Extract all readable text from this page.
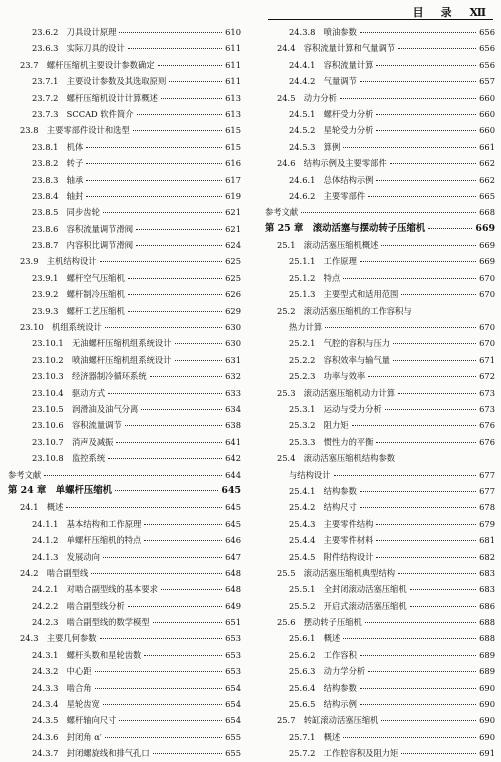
目　录 Ⅻ
23.6.2　刀具设计原理	610
23.6.3　实际刀具的设计	611
23.7　螺杆压缩机主要设计参数确定	611
23.7.1　主要设计参数及其选取原则	611
23.7.2　螺杆压缩机设计计算概述	613
23.7.3　SCCAD 软件简介	613
23.8　主要零部件设计和选型	615
23.8.1　机体	615
23.8.2　转子	616
23.8.3　轴承	617
23.8.4　轴封	619
23.8.5　同步齿轮	621
23.8.6　容积流量调节滑阀	621
23.8.7　内容积比调节滑阀	624
23.9　主机结构设计	625
23.9.1　螺杆空气压缩机	625
23.9.2　螺杆制冷压缩机	626
23.9.3　螺杆工艺压缩机	629
23.10　机组系统设计	630
23.10.1　无油螺杆压缩机组系统设计	630
23.10.2　喷油螺杆压缩机组系统设计	631
23.10.3　经济器制冷循环系统	632
23.10.4　驱动方式	633
23.10.5　润滑油及油气分离	634
23.10.6　容积流量调节	638
23.10.7　消声及减振	641
23.10.8　监控系统	642
参考文献	644
第 24 章　单螺杆压缩机	645
24.1　概述	645
24.1.1　基本结构和工作原理	645
24.1.2　单螺杆压缩机的特点	646
24.1.3　发展动向	647
24.2　啮合副型线	648
24.2.1　对啮合副型线的基本要求	648
24.2.2　啮合副型线分析	649
24.2.3　啮合副型线的数学模型	651
24.3　主要几何参数	653
24.3.1　螺杆头数和星轮齿数	653
24.3.2　中心距	653
24.3.3　啮合角	654
24.3.4　星轮齿宽	654
24.3.5　螺杆轴向尺寸	654
24.3.6　封闭角 α′	655
24.3.7　封闭螺旋线和排气孔口	655
24.3.8　喷油参数	656
24.4　容积流量计算和气量调节	656
24.4.1　容积流量计算	656
24.4.2　气量调节	657
24.5　动力分析	660
24.5.1　螺杆受力分析	660
24.5.2　星轮受力分析	660
24.5.3　算例	661
24.6　结构示例及主要零部件	662
24.6.1　总体结构示例	662
24.6.2　主要零部件	665
参考文献	668
第 25 章　滚动活塞与摆动转子压缩机	669
25.1　滚动活塞压缩机概述	669
25.1.1　工作原理	669
25.1.2　特点	670
25.1.3　主要型式和适用范围	670
25.2　滚动活塞压缩机的工作容积与
热力计算	670
25.2.1　气腔的容积与压力	670
25.2.2　容积效率与输气量	671
25.2.3　功率与效率	672
25.3　滚动活塞压缩机动力计算	673
25.3.1　运动与受力分析	673
25.3.2　阻力矩	676
25.3.3　惯性力的平衡	676
25.4　滚动活塞压缩机结构参数
与结构设计	677
25.4.1　结构参数	677
25.4.2　结构尺寸	678
25.4.3　主要零件结构	679
25.4.4　主要零件材料	681
25.4.5　附件结构设计	682
25.5　滚动活塞压缩机典型结构	683
25.5.1　全封闭滚动活塞压缩机	683
25.5.2　开启式滚动活塞压缩机	686
25.6　摆动转子压缩机	688
25.6.1　概述	688
25.6.2　工作容积	689
25.6.3　动力学分析	689
25.6.4　结构参数	690
25.6.5　结构示例	690
25.7　转缸滚动活塞压缩机	690
25.7.1　概述	690
25.7.2　工作腔容积及阻力矩	691
